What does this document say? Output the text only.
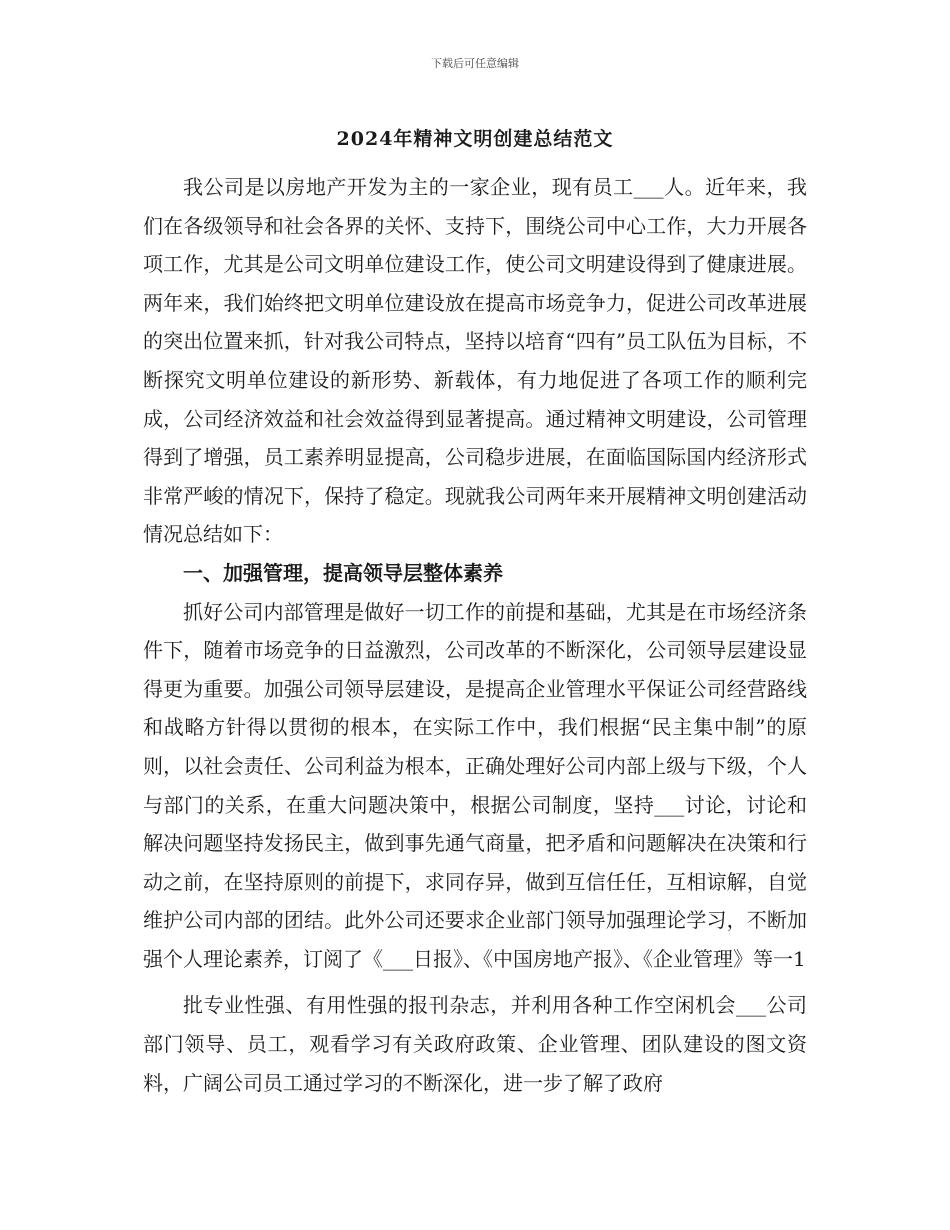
下载后可任意编辑
2024年精神文明创建总结范文

我公司是以房地产开发为主的一家企业，现有员工___人。近年来，我们在各级领导和社会各界的关怀、支持下，围绕公司中心工作，大力开展各项工作，尤其是公司文明单位建设工作，使公司文明建设得到了健康进展。两年来，我们始终把文明单位建设放在提高市场竞争力，促进公司改革进展的突出位置来抓，针对我公司特点，坚持以培育“四有”员工队伍为目标，不断探究文明单位建设的新形势、新载体，有力地促进了各项工作的顺利完成，公司经济效益和社会效益得到显著提高。通过精神文明建设，公司管理得到了增强，员工素养明显提高，公司稳步进展，在面临国际国内经济形式非常严峻的情况下，保持了稳定。现就我公司两年来开展精神文明创建活动情况总结如下：

一、加强管理，提高领导层整体素养

抓好公司内部管理是做好一切工作的前提和基础，尤其是在市场经济条件下，随着市场竞争的日益激烈，公司改革的不断深化，公司领导层建设显得更为重要。加强公司领导层建设，是提高企业管理水平保证公司经营路线和战略方针得以贯彻的根本，在实际工作中，我们根据“民主集中制”的原则，以社会责任、公司利益为根本，正确处理好公司内部上级与下级，个人与部门的关系，在重大问题决策中，根据公司制度，坚持___讨论，讨论和解决问题坚持发扬民主，做到事先通气商量，把矛盾和问题解决在决策和行动之前，在坚持原则的前提下，求同存异，做到互信任任，互相谅解，自觉维护公司内部的团结。此外公司还要求企业部门领导加强理论学习，不断加强个人理论素养，订阅了《___日报》、《中国房地产报》、《企业管理》等一1

批专业性强、有用性强的报刊杂志，并利用各种工作空闲机会___公司部门领导、员工，观看学习有关政府政策、企业管理、团队建设的图文资料，广阔公司员工通过学习的不断深化，进一步了解了政府
